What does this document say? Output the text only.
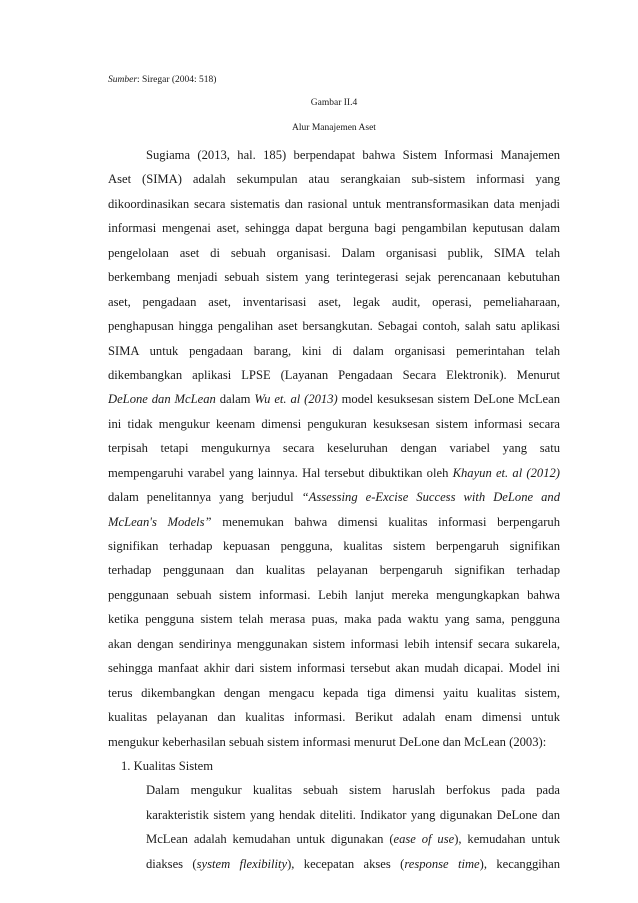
Sumber: Siregar (2004: 518)
Gambar II.4
Alur Manajemen Aset
Sugiama (2013, hal. 185) berpendapat bahwa Sistem Informasi Manajemen
Aset (SIMA) adalah sekumpulan atau serangkaian sub-sistem informasi yang
dikoordinasikan secara sistematis dan rasional untuk mentransformasikan data menjadi
informasi mengenai aset, sehingga dapat berguna bagi pengambilan keputusan dalam
pengelolaan aset di sebuah organisasi. Dalam organisasi publik, SIMA telah
berkembang menjadi sebuah sistem yang terintegerasi sejak perencanaan kebutuhan
aset, pengadaan aset, inventarisasi aset, legak audit, operasi, pemeliaharaan,
penghapusan hingga pengalihan aset bersangkutan. Sebagai contoh, salah satu aplikasi
SIMA untuk pengadaan barang, kini di dalam organisasi pemerintahan telah
dikembangkan aplikasi LPSE (Layanan Pengadaan Secara Elektronik). Menurut
DeLone dan McLean dalam Wu et. al (2013) model kesuksesan sistem DeLone McLean
ini tidak mengukur keenam dimensi pengukuran kesuksesan sistem informasi secara
terpisah tetapi mengukurnya secara keseluruhan dengan variabel yang satu
mempengaruhi varabel yang lainnya. Hal tersebut dibuktikan oleh Khayun et. al (2012)
dalam penelitannya yang berjudul “Assessing e-Excise Success with DeLone and
McLean's Models” menemukan bahwa dimensi kualitas informasi berpengaruh
signifikan terhadap kepuasan pengguna, kualitas sistem berpengaruh signifikan
terhadap penggunaan dan kualitas pelayanan berpengaruh signifikan terhadap
penggunaan sebuah sistem informasi. Lebih lanjut mereka mengungkapkan bahwa
ketika pengguna sistem telah merasa puas, maka pada waktu yang sama, pengguna
akan dengan sendirinya menggunakan sistem informasi lebih intensif secara sukarela,
sehingga manfaat akhir dari sistem informasi tersebut akan mudah dicapai. Model ini
terus dikembangkan dengan mengacu kepada tiga dimensi yaitu kualitas sistem,
kualitas pelayanan dan kualitas informasi. Berikut adalah enam dimensi untuk
mengukur keberhasilan sebuah sistem informasi menurut DeLone dan McLean (2003):
1. Kualitas Sistem
Dalam mengukur kualitas sebuah sistem haruslah berfokus pada pada
karakteristik sistem yang hendak diteliti. Indikator yang digunakan DeLone dan
McLean adalah kemudahan untuk digunakan (ease of use), kemudahan untuk
diakses (system flexibility), kecepatan akses (response time), kecanggihan
